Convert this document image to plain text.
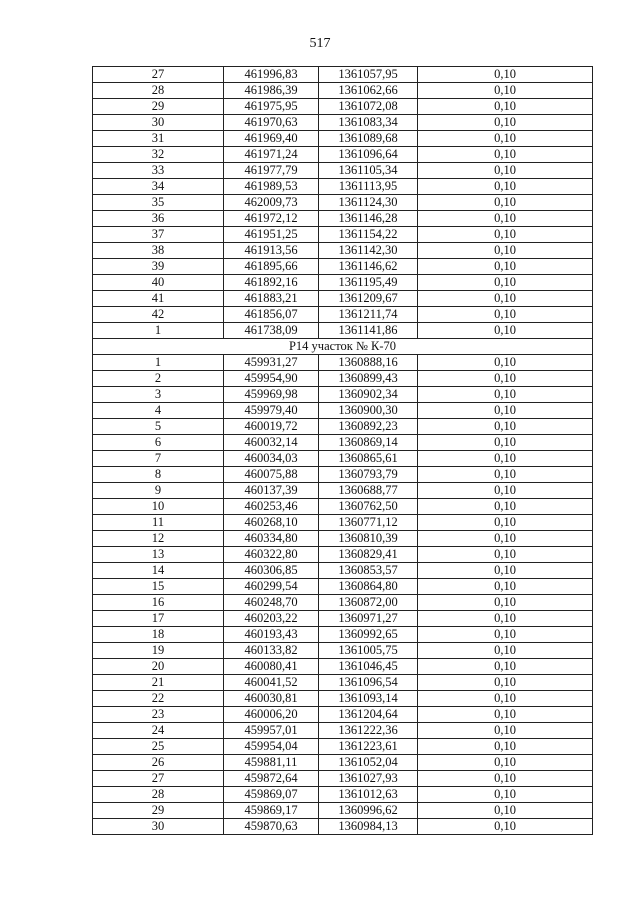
517
27	461996,83	1361057,95	0,10
28	461986,39	1361062,66	0,10
29	461975,95	1361072,08	0,10
30	461970,63	1361083,34	0,10
31	461969,40	1361089,68	0,10
32	461971,24	1361096,64	0,10
33	461977,79	1361105,34	0,10
34	461989,53	1361113,95	0,10
35	462009,73	1361124,30	0,10
36	461972,12	1361146,28	0,10
37	461951,25	1361154,22	0,10
38	461913,56	1361142,30	0,10
39	461895,66	1361146,62	0,10
40	461892,16	1361195,49	0,10
41	461883,21	1361209,67	0,10
42	461856,07	1361211,74	0,10
1	461738,09	1361141,86	0,10
Р14 участок № К-70			
1	459931,27	1360888,16	0,10
2	459954,90	1360899,43	0,10
3	459969,98	1360902,34	0,10
4	459979,40	1360900,30	0,10
5	460019,72	1360892,23	0,10
6	460032,14	1360869,14	0,10
7	460034,03	1360865,61	0,10
8	460075,88	1360793,79	0,10
9	460137,39	1360688,77	0,10
10	460253,46	1360762,50	0,10
11	460268,10	1360771,12	0,10
12	460334,80	1360810,39	0,10
13	460322,80	1360829,41	0,10
14	460306,85	1360853,57	0,10
15	460299,54	1360864,80	0,10
16	460248,70	1360872,00	0,10
17	460203,22	1360971,27	0,10
18	460193,43	1360992,65	0,10
19	460133,82	1361005,75	0,10
20	460080,41	1361046,45	0,10
21	460041,52	1361096,54	0,10
22	460030,81	1361093,14	0,10
23	460006,20	1361204,64	0,10
24	459957,01	1361222,36	0,10
25	459954,04	1361223,61	0,10
26	459881,11	1361052,04	0,10
27	459872,64	1361027,93	0,10
28	459869,07	1361012,63	0,10
29	459869,17	1360996,62	0,10
30	459870,63	1360984,13	0,10
